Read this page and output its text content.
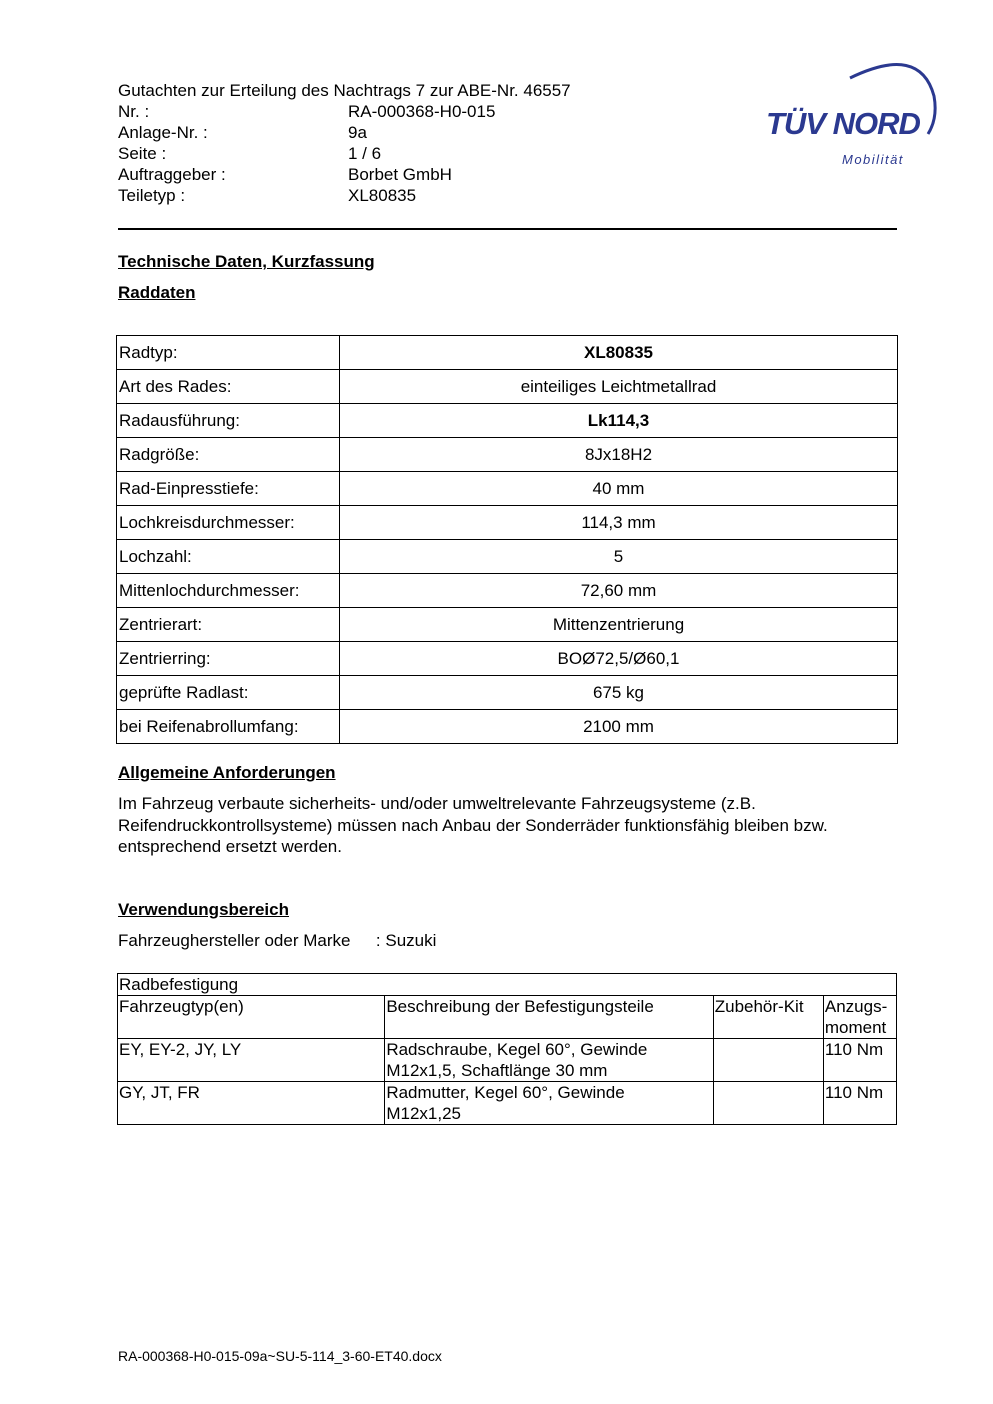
Gutachten zur Erteilung des Nachtrags 7 zur ABE-Nr. 46557
Nr. :	RA-000368-H0-015
Anlage-Nr. :	9a
Seite :	1 / 6
Auftraggeber :	Borbet GmbH
Teiletyp :	XL80835
TÜV NORD
Mobilität
Technische Daten, Kurzfassung
Raddaten
Radtyp:	XL80835
Art des Rades:	einteiliges Leichtmetallrad
Radausführung:	Lk114,3
Radgröße:	8Jx18H2
Rad-Einpresstiefe:	40 mm
Lochkreisdurchmesser:	114,3 mm
Lochzahl:	5
Mittenlochdurchmesser:	72,60 mm
Zentrierart:	Mittenzentrierung
Zentrierring:	BOØ72,5/Ø60,1
geprüfte Radlast:	675 kg
bei Reifenabrollumfang:	2100 mm
Allgemeine Anforderungen
Im Fahrzeug verbaute sicherheits- und/oder umweltrelevante Fahrzeugsysteme (z.B. Reifendruckkontrollsysteme) müssen nach Anbau der Sonderräder funktionsfähig bleiben bzw. entsprechend ersetzt werden.
Verwendungsbereich
Fahrzeughersteller oder Marke : Suzuki
Radbefestigung			
Fahrzeugtyp(en)	Beschreibung der Befestigungsteile	Zubehör-Kit	Anzugs-
moment
EY, EY-2, JY, LY	Radschraube, Kegel 60°, Gewinde
M12x1,5, Schaftlänge 30 mm		110 Nm
GY, JT, FR	Radmutter, Kegel 60°, Gewinde
M12x1,25		110 Nm
RA-000368-H0-015-09a~SU-5-114_3-60-ET40.docx
